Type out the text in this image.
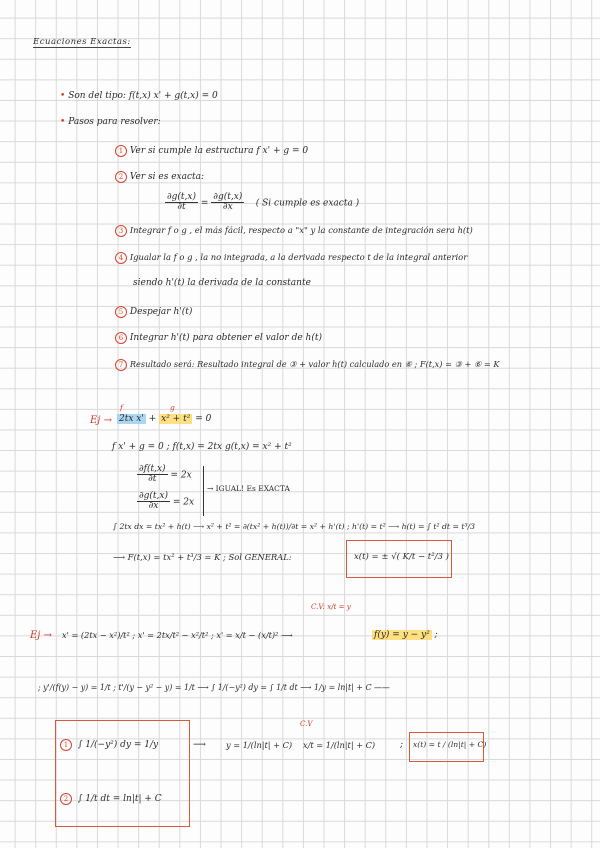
Ecuaciones Exactas:
• Son del tipo: f(t,x) x' + g(t,x) = 0
• Pasos para resolver:
1 Ver si cumple la estructura f x' + g = 0
2 Ver si es exacta:
$\frac{\partial g(t,x)}{\partial t} = \frac{\partial g(t,x)}{\partial x}$ ( Si cumple es exacta )
3 Integrar f o g , el más fácil, respecto a "x" y la constante de integración sera h(t)
4 Igualar la f o g , la no integrada, a la derivada respecto t de la integral anterior
siendo h'(t) la derivada de la constante
5 Despejar h'(t)
6 Integrar h'(t) para obtener el valor de h(t)
7 Resultado será: Resultado integral de ③ + valor h(t) calculado en ⑥ ; F(t,x) = ③ + ⑥ = K
Ej →
f	g
2tx x' + x² + t² = 0
f x' + g = 0 ; f(t,x) = 2tx g(t,x) = x² + t²
$\frac{\partial f(t,x)}{\partial t} = 2x$
$\frac{\partial g(t,x)}{\partial x} = 2x$
→ IGUAL! Es EXACTA
∫ 2tx dx = tx² + h(t) ⟶ x² + t² = ∂(tx² + h(t))/∂t = x² + h'(t) ; h'(t) = t² ⟶ h(t) = ∫ t² dt = t³/3
⟶ F(t,x) = tx² + t³/3 = K ; Sol GENERAL:	x(t) = ± √( K/t − t²/3 )
C.V: x/t = y
Ej → x' = (2tx − x²)/t² ; x' = 2tx/t² − x²/t² ; x' = x/t − (x/t)² ⟶	f(y) = y − y² ;
; y'/(f(y) − y) = 1/t ; t'/(y − y² − y) = 1/t ⟶ ∫ 1/(−y²) dy = ∫ 1/t dt ⟶ 1/y = ln|t| + C ——
1 ∫ 1/(−y²) dy = 1/y
2 ∫ 1/t dt = ln|t| + C
⟶ y = 1/(ln|t| + C)
C.V
x/t = 1/(ln|t| + C)	; x(t) = t / (ln|t| + C)
